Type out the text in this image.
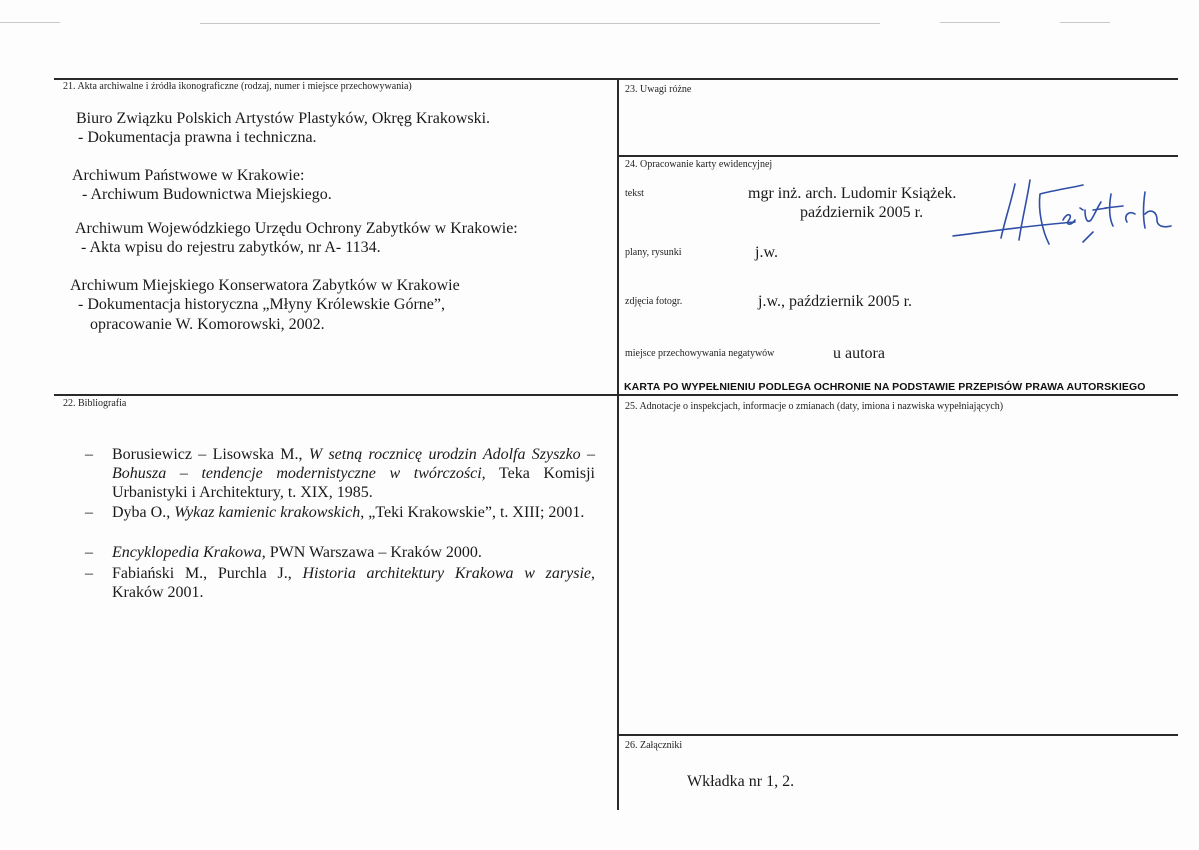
21. Akta archiwalne i źródła ikonograficzne (rodzaj, numer i miejsce przechowywania)
Biuro Związku Polskich Artystów Plastyków, Okręg Krakowski.
- Dokumentacja prawna i techniczna.
Archiwum Państwowe w Krakowie:
- Archiwum Budownictwa Miejskiego.
Archiwum Wojewódzkiego Urzędu Ochrony Zabytków w Krakowie:
- Akta wpisu do rejestru zabytków, nr A- 1134.
Archiwum Miejskiego Konserwatora Zabytków w Krakowie
- Dokumentacja historyczna „Młyny Królewskie Górne”,
opracowanie W. Komorowski, 2002.
23. Uwagi różne
24. Opracowanie karty ewidencyjnej
tekst	mgr inż. arch. Ludomir Książek.
październik 2005 r.
plany, rysunki	j.w.
zdjęcia fotogr.	j.w., październik 2005 r.
miejsce przechowywania negatywów	u autora
KARTA PO WYPEŁNIENIU PODLEGA OCHRONIE NA PODSTAWIE PRZEPISÓW PRAWA AUTORSKIEGO
22. Bibliografia
– Borusiewicz – Lisowska M., W setną rocznicę urodzin Adolfa Szyszko – Bohusza – tendencje modernistyczne w twórczości, Teka Komisji Urbanistyki i Architektury, t. XIX, 1985.
– Dyba O., Wykaz kamienic krakowskich, „Teki Krakowskie”, t. XIII; 2001.
– Encyklopedia Krakowa, PWN Warszawa – Kraków 2000.
– Fabiański M., Purchla J., Historia architektury Krakowa w zarysie, Kraków 2001.
25. Adnotacje o inspekcjach, informacje o zmianach (daty, imiona i nazwiska wypełniających)
26. Załączniki
Wkładka nr 1, 2.
